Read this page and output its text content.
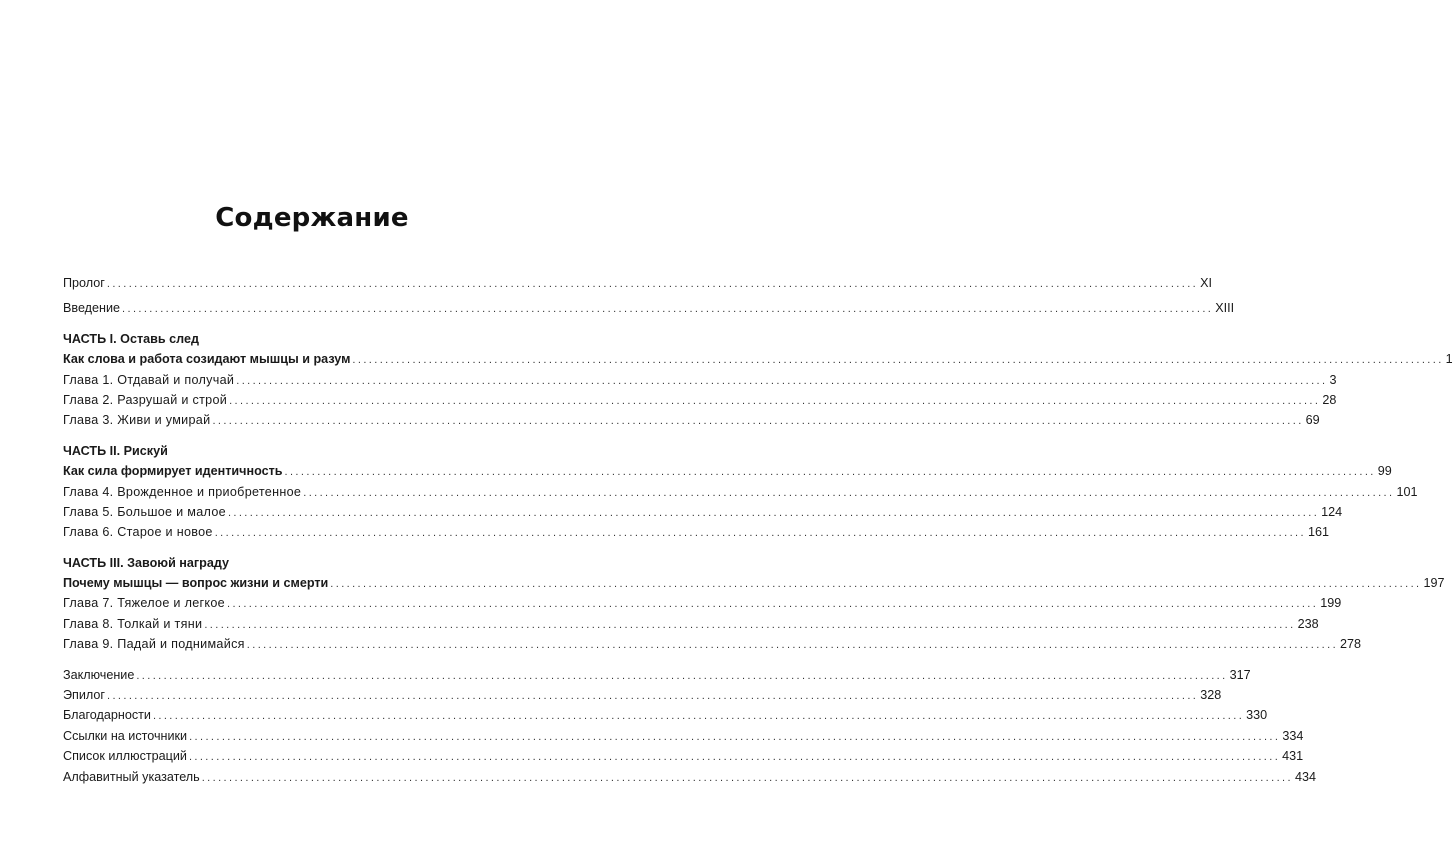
Содержание
Пролог ........................................................................................................................................................................................................ XI
Введение ........................................................................................................................................................................................................ XIII
ЧАСТЬ I. Оставь след
Как слова и работа созидают мышцы и разум ........................................................................................................................................................................................................ 1
Глава 1. Отдавай и получай ........................................................................................................................................................................................................ 3
Глава 2. Разрушай и строй ........................................................................................................................................................................................................ 28
Глава 3. Живи и умирай ........................................................................................................................................................................................................ 69
ЧАСТЬ II. Рискуй
Как сила формирует идентичность ........................................................................................................................................................................................................ 99
Глава 4. Врожденное и приобретенное ........................................................................................................................................................................................................ 101
Глава 5. Большое и малое ........................................................................................................................................................................................................ 124
Глава 6. Старое и новое ........................................................................................................................................................................................................ 161
ЧАСТЬ III. Завоюй награду
Почему мышцы — вопрос жизни и смерти ........................................................................................................................................................................................................ 197
Глава 7. Тяжелое и легкое ........................................................................................................................................................................................................ 199
Глава 8. Толкай и тяни ........................................................................................................................................................................................................ 238
Глава 9. Падай и поднимайся ........................................................................................................................................................................................................ 278
Заключение ........................................................................................................................................................................................................ 317
Эпилог ........................................................................................................................................................................................................ 328
Благодарности ........................................................................................................................................................................................................ 330
Ссылки на источники ........................................................................................................................................................................................................ 334
Список иллюстраций ........................................................................................................................................................................................................ 431
Алфавитный указатель ........................................................................................................................................................................................................ 434
